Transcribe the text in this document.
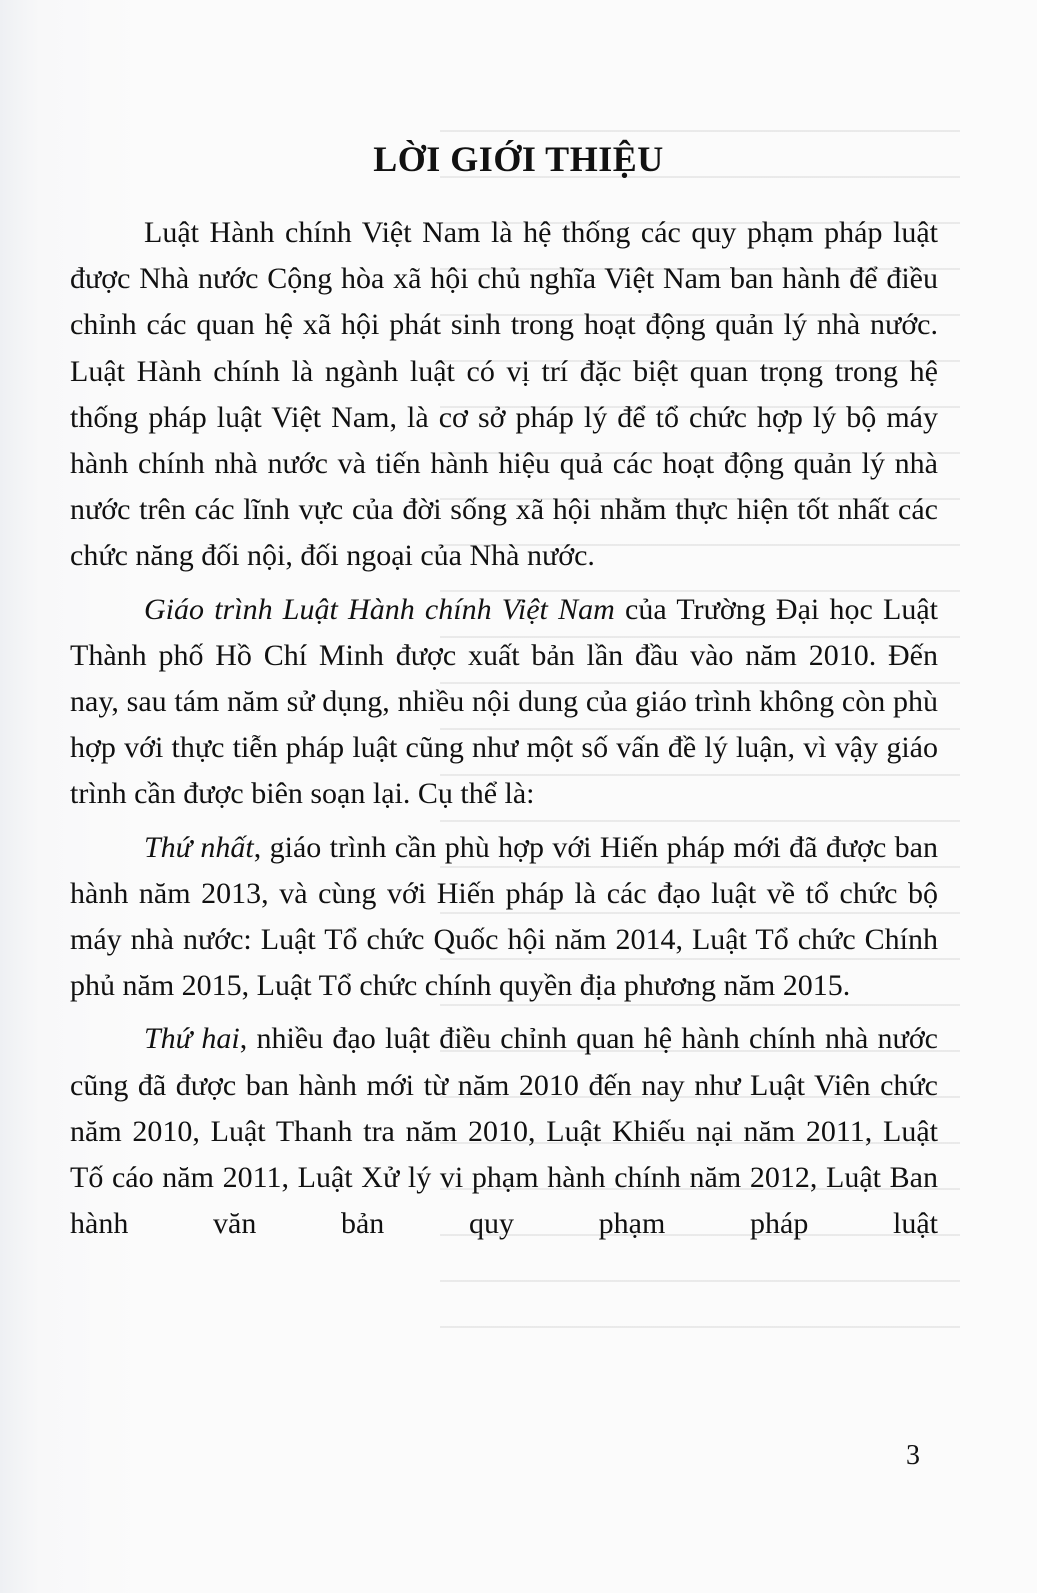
LỜI GIỚI THIỆU

Luật Hành chính Việt Nam là hệ thống các quy phạm pháp luật được Nhà nước Cộng hòa xã hội chủ nghĩa Việt Nam ban hành để điều chỉnh các quan hệ xã hội phát sinh trong hoạt động quản lý nhà nước. Luật Hành chính là ngành luật có vị trí đặc biệt quan trọng trong hệ thống pháp luật Việt Nam, là cơ sở pháp lý để tổ chức hợp lý bộ máy hành chính nhà nước và tiến hành hiệu quả các hoạt động quản lý nhà nước trên các lĩnh vực của đời sống xã hội nhằm thực hiện tốt nhất các chức năng đối nội, đối ngoại của Nhà nước.

Giáo trình Luật Hành chính Việt Nam của Trường Đại học Luật Thành phố Hồ Chí Minh được xuất bản lần đầu vào năm 2010. Đến nay, sau tám năm sử dụng, nhiều nội dung của giáo trình không còn phù hợp với thực tiễn pháp luật cũng như một số vấn đề lý luận, vì vậy giáo trình cần được biên soạn lại. Cụ thể là:

Thứ nhất, giáo trình cần phù hợp với Hiến pháp mới đã được ban hành năm 2013, và cùng với Hiến pháp là các đạo luật về tổ chức bộ máy nhà nước: Luật Tổ chức Quốc hội năm 2014, Luật Tổ chức Chính phủ năm 2015, Luật Tổ chức chính quyền địa phương năm 2015.

Thứ hai, nhiều đạo luật điều chỉnh quan hệ hành chính nhà nước cũng đã được ban hành mới từ năm 2010 đến nay như Luật Viên chức năm 2010, Luật Thanh tra năm 2010, Luật Khiếu nại năm 2011, Luật Tố cáo năm 2011, Luật Xử lý vi phạm hành chính năm 2012, Luật Ban hành văn bản quy phạm pháp luật

3
